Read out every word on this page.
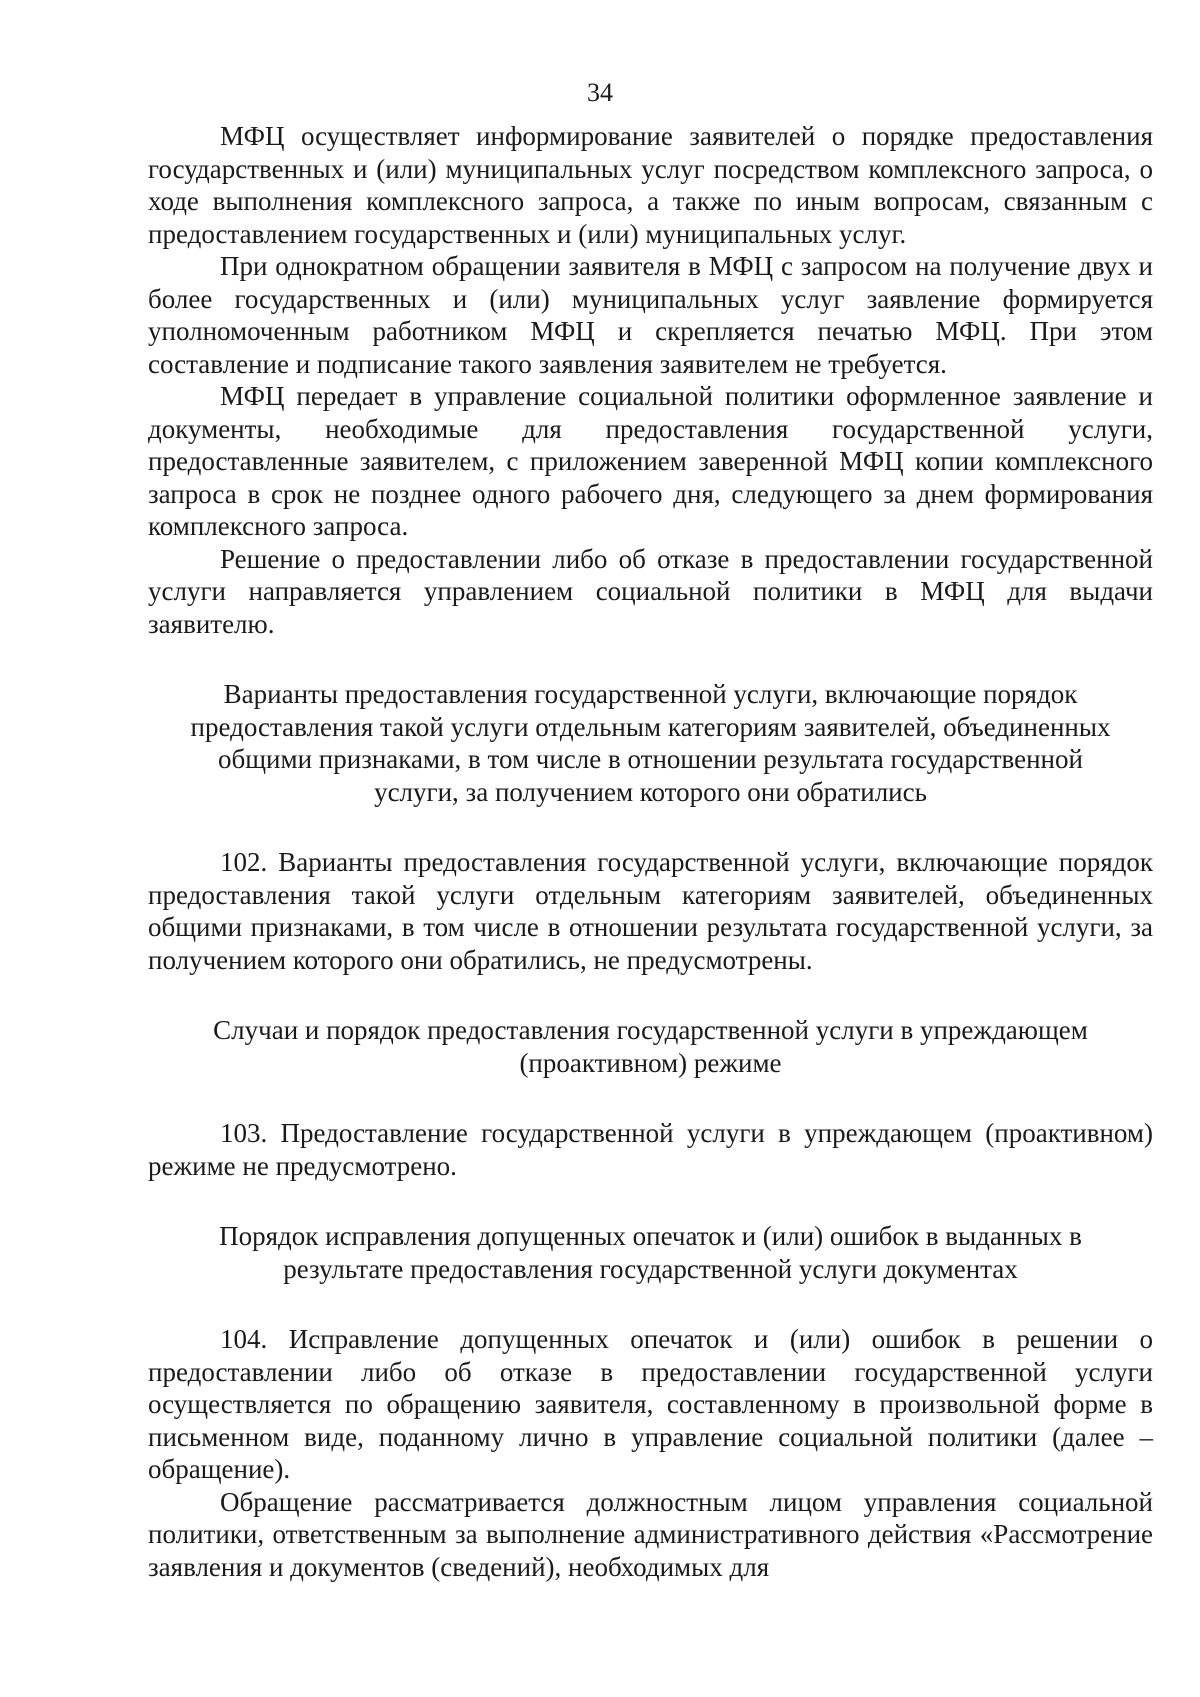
34

МФЦ осуществляет информирование заявителей о порядке предоставления государственных и (или) муниципальных услуг посредством комплексного запроса, о ходе выполнения комплексного запроса, а также по иным вопросам, связанным с предоставлением государственных и (или) муниципальных услуг.

При однократном обращении заявителя в МФЦ с запросом на получение двух и более государственных и (или) муниципальных услуг заявление формируется уполномоченным работником МФЦ и скрепляется печатью МФЦ. При этом составление и подписание такого заявления заявителем не требуется.

МФЦ передает в управление социальной политики оформленное заявление и документы, необходимые для предоставления государственной услуги, предоставленные заявителем, с приложением заверенной МФЦ копии комплексного запроса в срок не позднее одного рабочего дня, следующего за днем формирования комплексного запроса.

Решение о предоставлении либо об отказе в предоставлении государственной услуги направляется управлением социальной политики в МФЦ для выдачи заявителю.

Варианты предоставления государственной услуги, включающие порядок предоставления такой услуги отдельным категориям заявителей, объединенных общими признаками, в том числе в отношении результата государственной услуги, за получением которого они обратились

102. Варианты предоставления государственной услуги, включающие порядок предоставления такой услуги отдельным категориям заявителей, объединенных общими признаками, в том числе в отношении результата государственной услуги, за получением которого они обратились, не предусмотрены.

Случаи и порядок предоставления государственной услуги в упреждающем (проактивном) режиме

103. Предоставление государственной услуги в упреждающем (проактивном) режиме не предусмотрено.

Порядок исправления допущенных опечаток и (или) ошибок в выданных в результате предоставления государственной услуги документах

104. Исправление допущенных опечаток и (или) ошибок в решении о предоставлении либо об отказе в предоставлении государственной услуги осуществляется по обращению заявителя, составленному в произвольной форме в письменном виде, поданному лично в управление социальной политики (далее – обращение).

Обращение рассматривается должностным лицом управления социальной политики, ответственным за выполнение административного действия «Рассмотрение заявления и документов (сведений), необходимых для
